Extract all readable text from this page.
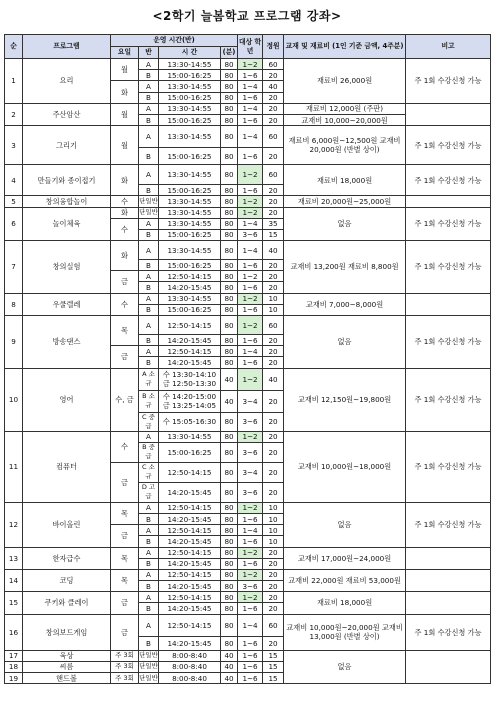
<2학기 늘봄학교 프로그램 강좌>
순	프로그램	운영 시간(반)				대상 학년	정원	교재 및 재료비 (1인 기준 금액, 4주분)	비고
		요일	반	시 간	(분)				
1	요리	월	A	13:30-14:55	80	1~2	60	재료비 26,000원	주 1회 수강신청 가능
			B	15:00-16:25	80	1~6	20		
		화	A	13:30-14:55	80	1~4	40		
			B	15:00-16:25	80	1~6	20		
2	주산암산	월	A	13:30-14:55	80	1~4	20	재료비 12,000원 (주판)	
			B	15:00-16:25	80	1~6	20	교재비 10,000~20,000원	
3	그리기	월	A	13:30-14:55	80	1~4	60	재료비 6,000원~12,500원 교재비 20,000원 (반별 상이)	주 1회 수강신청 가능
			B	15:00-16:25	80	1~6	20		
4	만들기와 종이접기	화	A	13:30-14:55	80	1~2	60	재료비 18,000원	주 1회 수강신청 가능
			B	15:00-16:25	80	1~6	20		
5	창의융합놀이	수	단일반	13:30-14:55	80	1~2	20	재료비 20,000원~25,000원	
6	놀이체육	화	단일반	13:30-14:55	80	1~2	20	없음	주 1회 수강신청 가능
		수	A	13:30-14:55	80	1~4	35		
			B	15:00-16:25	80	3~6	15		
7	창의실험	화	A	13:30-14:55	80	1~4	40	교재비 13,200원 재료비 8,800원	주 1회 수강신청 가능
			B	15:00-16:25	80	1~6	20		
		금	A	12:50-14:15	80	1~2	20		
			B	14:20-15:45	80	1~6	20		
8	우쿨렐레	수	A	13:30-14:55	80	1~2	10	교재비 7,000~8,000원	
			B	15:00-16:25	80	1~6	10		
9	방송댄스	목	A	12:50-14:15	80	1~2	60	없음	주 1회 수강신청 가능
			B	14:20-15:45	80	1~6	20		
		금	A	12:50-14:15	80	1~4	20		
			B	14:20-15:45	80	1~6	20		
10	영어	수, 금	A 소규	수 13:30-14:10 금 12:50-13:30	40	1~2	40	교재비 12,150원~19,800원	주 1회 수강신청 가능
			B 소규	수 14:20-15:00 금 13:25-14:05	40	3~4	20		
			C 중급	수 15:05-16:30	80	3~6	20		
11	컴퓨터	수	A	13:30-14:55	80	1~2	20	교재비 10,000원~18,000원	주 1회 수강신청 가능
			B 중급	15:00-16:25	80	3~6	20		
		금	C 소규	12:50-14:15	80	3~4	20		
			D 고급	14:20-15:45	80	3~6	20		
12	바이올린	목	A	12:50-14:15	80	1~2	10	없음	주 1회 수강신청 가능
			B	14:20-15:45	80	1~6	10		
		금	A	12:50-14:15	80	1~4	10		
			B	14:20-15:45	80	1~6	10		
13	한자급수	목	A	12:50-14:15	80	1~2	20	교재비 17,000원~24,000원	
			B	14:20-15:45	80	1~6	20		
14	코딩	목	A	12:50-14:15	80	1~2	20	교재비 22,000원 재료비 53,000원	
			B	14:20-15:45	80	3~6	20		
15	쿠키와 클레이	금	A	12:50-14:15	80	1~2	20	재료비 18,000원	
			B	14:20-15:45	80	1~6	20		
16	창의보드게임	금	A	12:50-14:15	80	1~4	60	교재비 10,000원~20,000원 교재비 13,000원 (반별 상이)	주 1회 수강신청 가능
			B	14:20-15:45	80	1~6	20		
17	육상	주 3회	단일반	8:00-8:40	40	1~6	15	없음	
18	씨름	주 3회	단일반	8:00-8:40	40	1~6	15		
19	핸드볼	주 3회	단일반	8:00-8:40	40	1~6	15		
